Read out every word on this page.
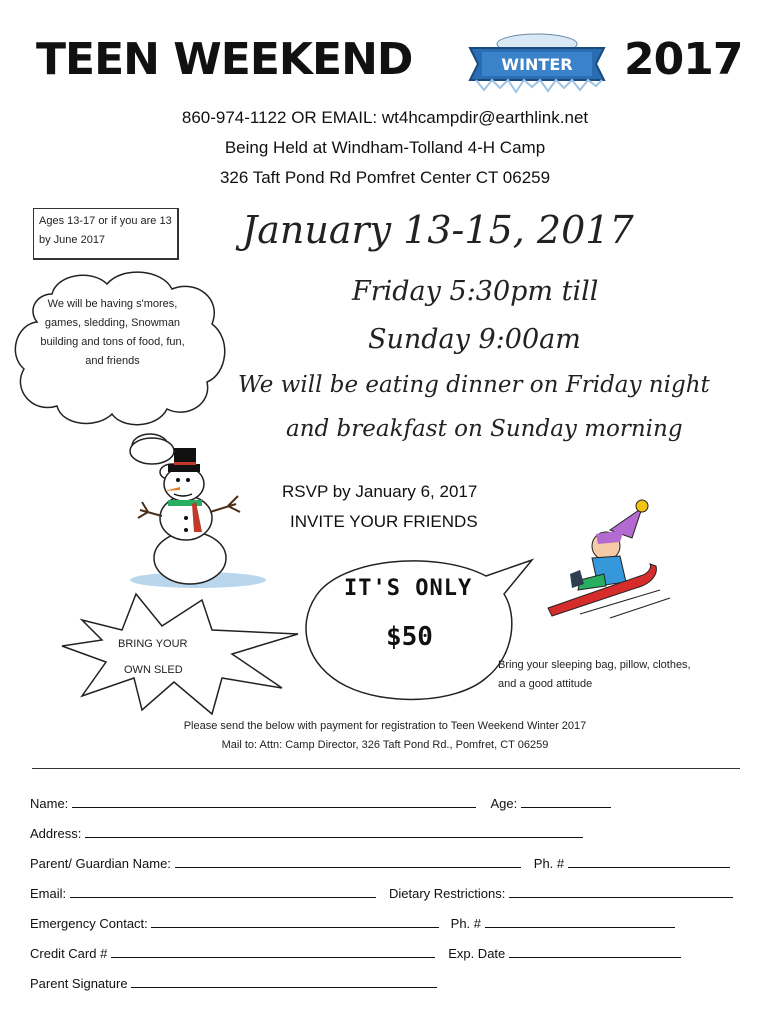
TEEN WEEKEND	WINTER 2017
860-974-1122 OR EMAIL: wt4hcampdir@earthlink.net
Being Held at Windham-Tolland 4-H Camp
326 Taft Pond Rd Pomfret Center CT 06259
Ages 13-17 or if you are 13 by June 2017
We will be having s'mores, games, sledding, Snowman building and tons of food, fun, and friends
January 13-15, 2017
Friday 5:30pm till
Sunday 9:00am
We will be eating dinner on Friday night
and breakfast on Sunday morning
RSVP by January 6, 2017
INVITE YOUR FRIENDS
IT'S ONLY
$50
BRING YOUR
OWN SLED	Bring your sleeping bag, pillow, clothes, and a good attitude
Please send the below with payment for registration to Teen Weekend Winter 2017
Mail to: Attn: Camp Director, 326 Taft Pond Rd., Pomfret, CT 06259
Name:	Age:
Address:
Parent/ Guardian Name:	Ph. #
Email:	Dietary Restrictions:
Emergency Contact:	Ph. #
Credit Card #	Exp. Date
Parent Signature
